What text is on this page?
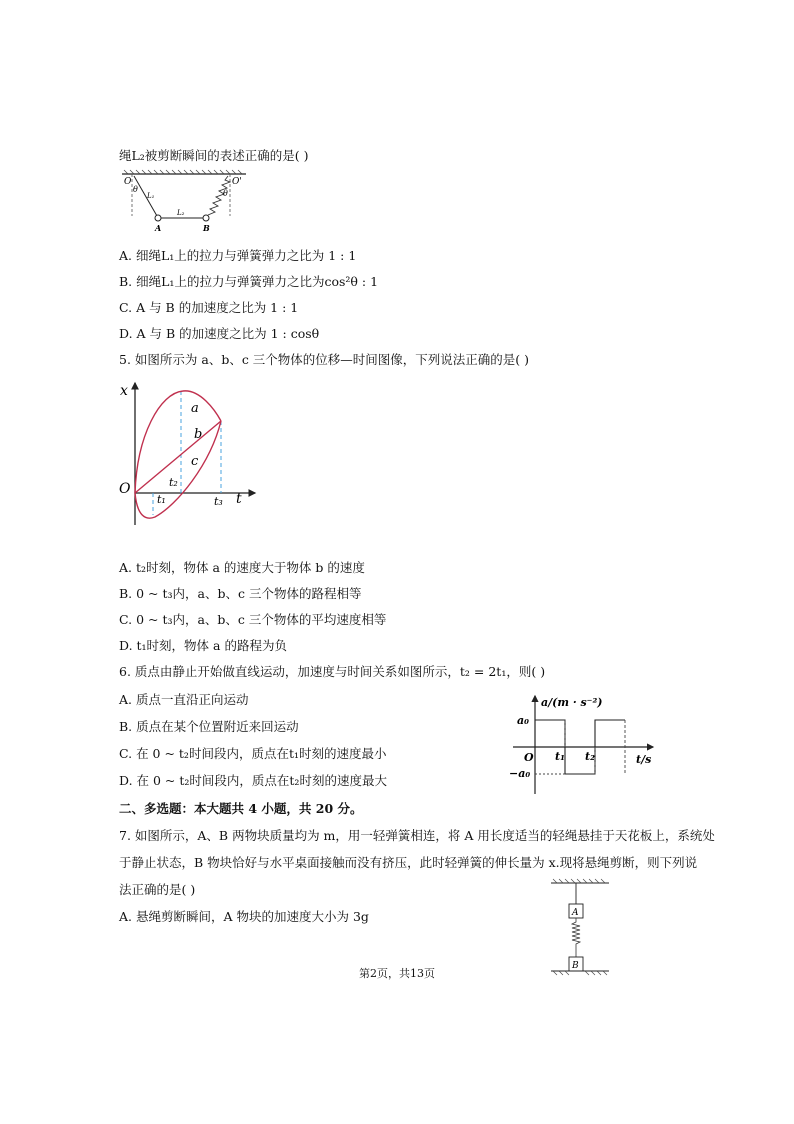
绳L₂被剪断瞬间的表述正确的是( )
O	O'
θ	θ
L₁
L₂
A	B
A. 细绳L₁上的拉力与弹簧弹力之比为 1 : 1
B. 细绳L₁上的拉力与弹簧弹力之比为cos²θ : 1
C. A 与 B 的加速度之比为 1 : 1
D. A 与 B 的加速度之比为 1 : cosθ
5. 如图所示为 a、b、c 三个物体的位移—时间图像，下列说法正确的是( )
x
t
O
a
b
c
t₁
t₂
t₃
A. t₂时刻，物体 a 的速度大于物体 b 的速度
B. 0 ~ t₃内，a、b、c 三个物体的路程相等
C. 0 ~ t₃内，a、b、c 三个物体的平均速度相等
D. t₁时刻，物体 a 的路程为负
6. 质点由静止开始做直线运动，加速度与时间关系如图所示，t₂ = 2t₁，则( )
A. 质点一直沿正向运动
B. 质点在某个位置附近来回运动
C. 在 0 ~ t₂时间段内，质点在t₁时刻的速度最小
D. 在 0 ~ t₂时间段内，质点在t₂时刻的速度最大
a/(m · s⁻²)
t/s
a₀
−a₀
O t₁ t₂
二、多选题：本大题共 4 小题，共 20 分。
7. 如图所示，A、B 两物块质量均为 m，用一轻弹簧相连，将 A 用长度适当的轻绳悬挂于天花板上，系统处
于静止状态，B 物块恰好与水平桌面接触而没有挤压，此时轻弹簧的伸长量为 x.现将悬绳剪断，则下列说
法正确的是( )
A. 悬绳剪断瞬间，A 物块的加速度大小为 3g	A
B
第2页，共13页
